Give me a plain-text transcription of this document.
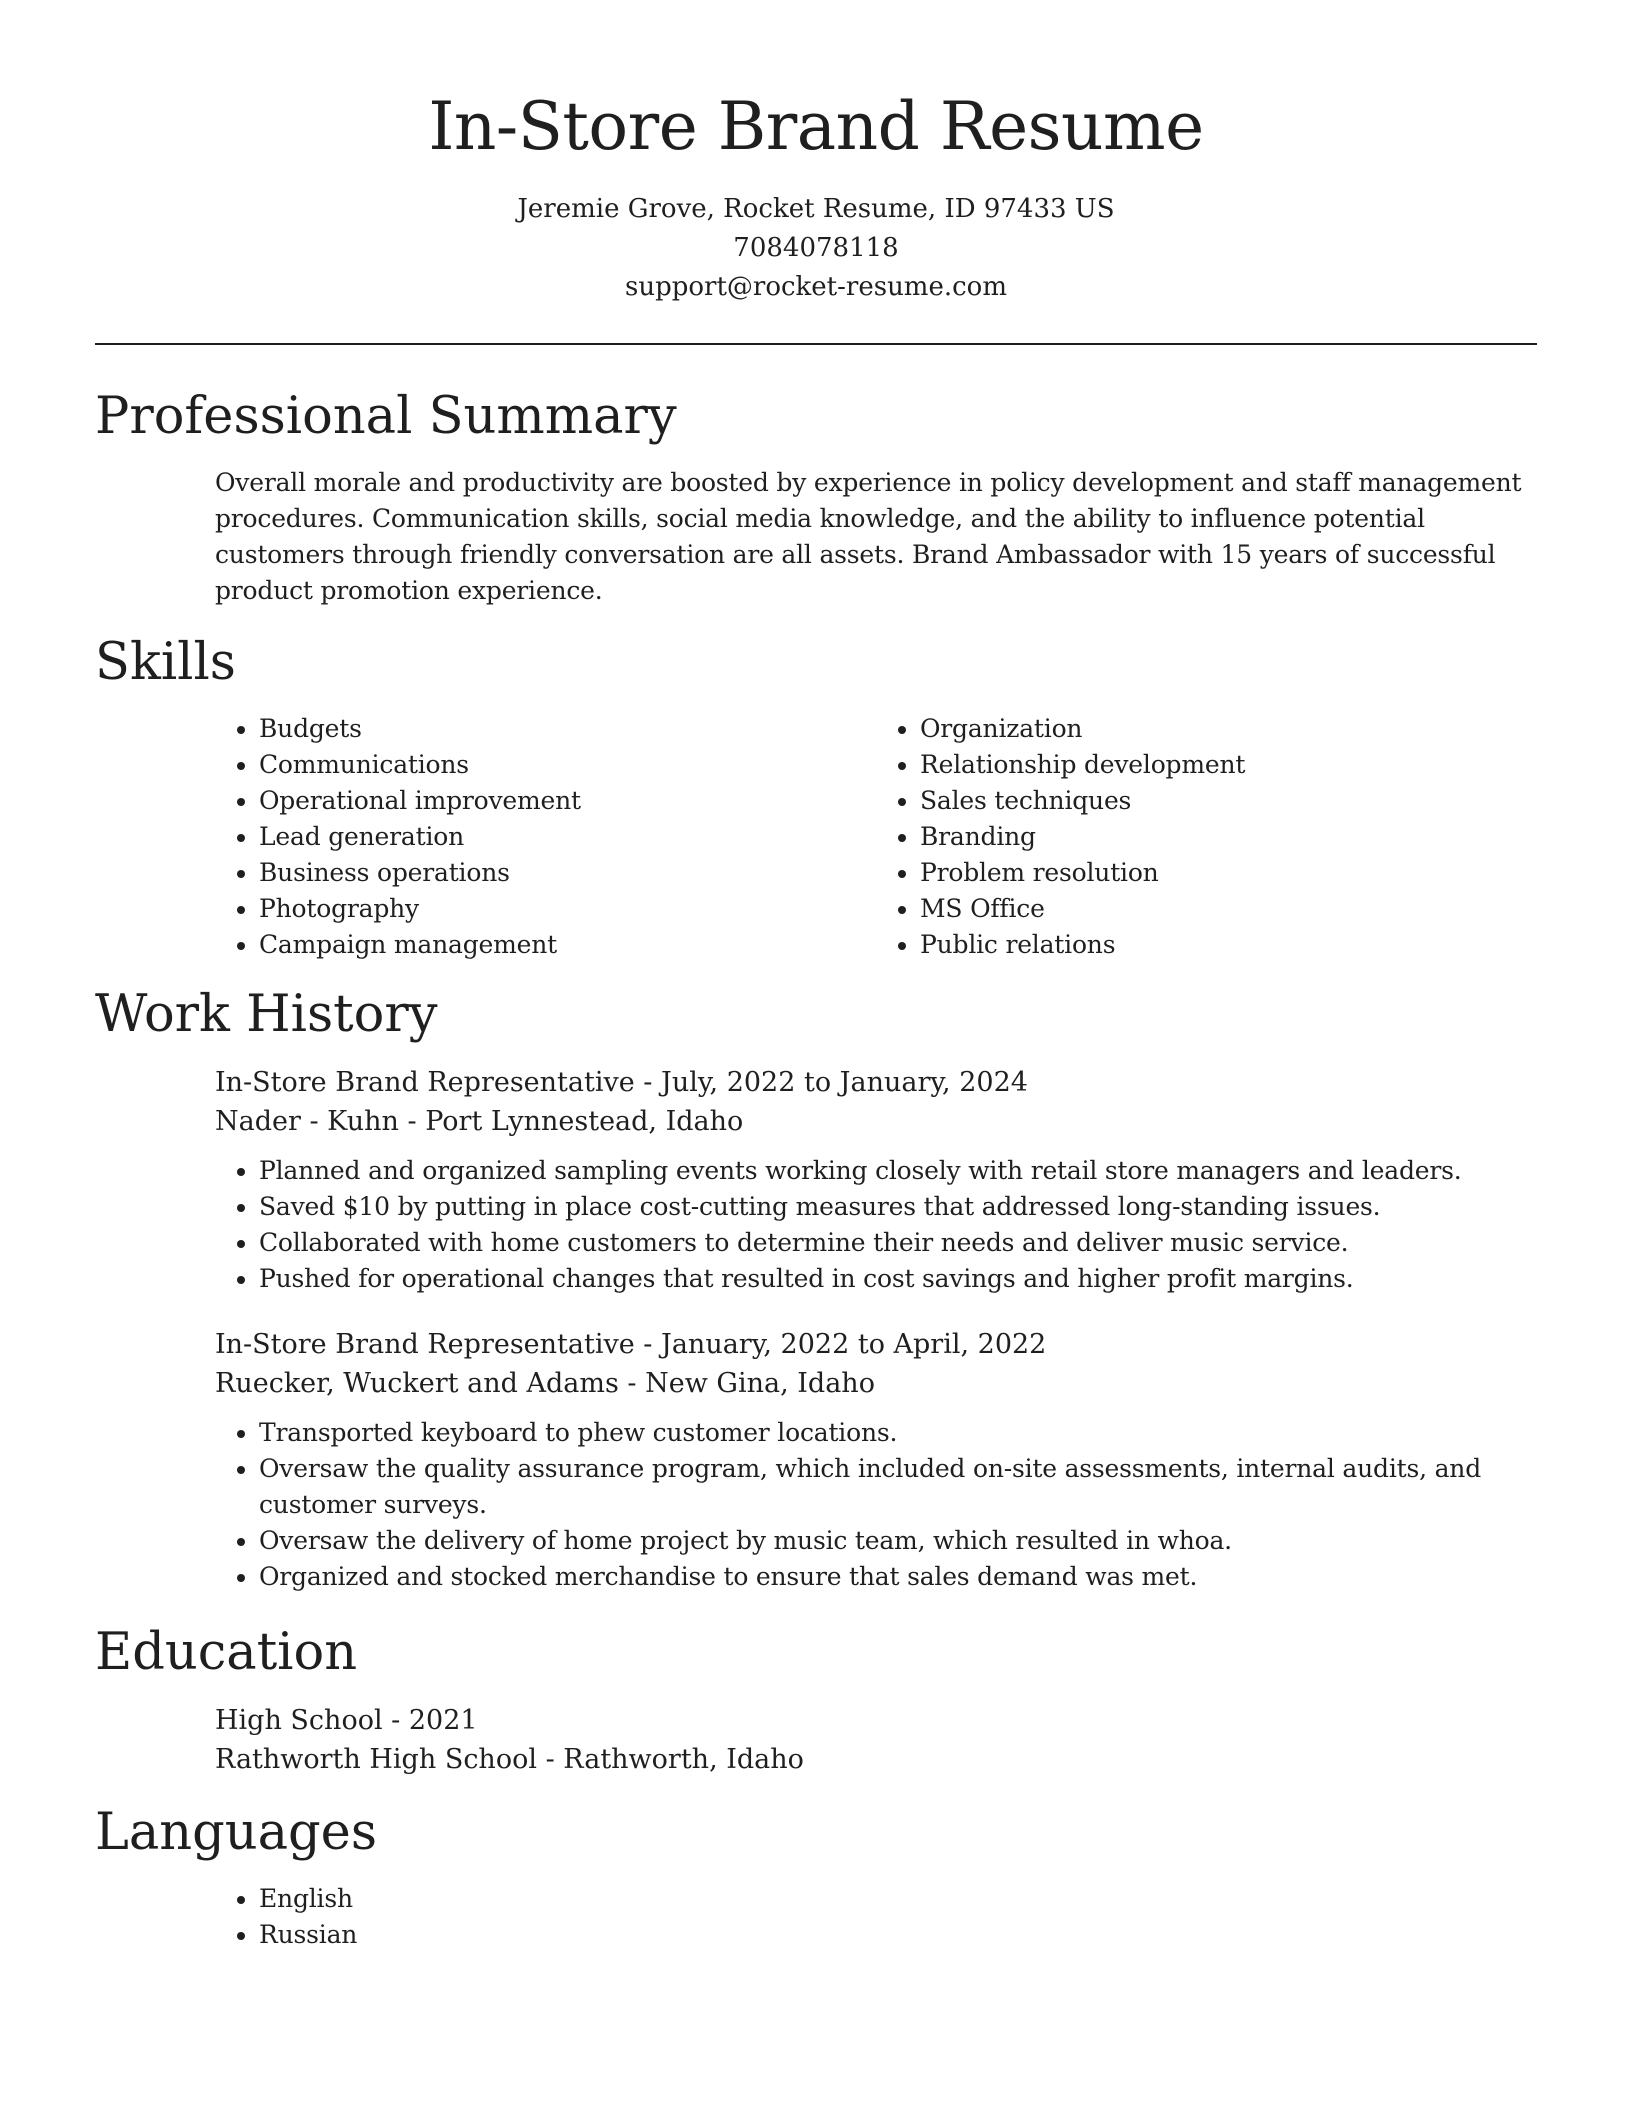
In-Store Brand Resume
Jeremie Grove, Rocket Resume, ID 97433 US
7084078118
support@rocket-resume.com
Professional Summary

Overall morale and productivity are boosted by experience in policy development and staff management procedures. Communication skills, social media knowledge, and the ability to influence potential customers through friendly conversation are all assets. Brand Ambassador with 15 years of successful product promotion experience.

Skills
• Budgets
• Communications
• Operational improvement
• Lead generation
• Business operations
• Photography
• Campaign management
• Organization
• Relationship development
• Sales techniques
• Branding
• Problem resolution
• MS Office
• Public relations
Work History
In-Store Brand Representative - July, 2022 to January, 2024
Nader - Kuhn - Port Lynnestead, Idaho
• Planned and organized sampling events working closely with retail store managers and leaders.
• Saved $10 by putting in place cost-cutting measures that addressed long-standing issues.
• Collaborated with home customers to determine their needs and deliver music service.
• Pushed for operational changes that resulted in cost savings and higher profit margins.
In-Store Brand Representative - January, 2022 to April, 2022
Ruecker, Wuckert and Adams - New Gina, Idaho
• Transported keyboard to phew customer locations.
• Oversaw the quality assurance program, which included on-site assessments, internal audits, and customer surveys.
• Oversaw the delivery of home project by music team, which resulted in whoa.
• Organized and stocked merchandise to ensure that sales demand was met.
Education
High School - 2021
Rathworth High School - Rathworth, Idaho
Languages
• English
• Russian
